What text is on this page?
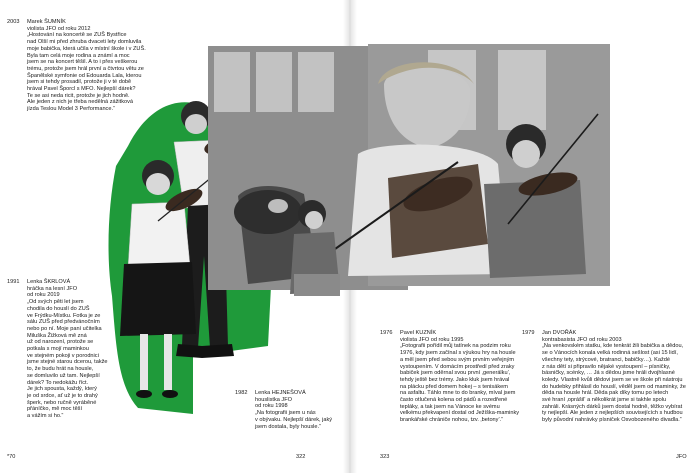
2003 Marek ŠUMNÍK
violista JFO od roku 2012

„Hostování na koncertě se ZUŠ Bystřice
nad Olší mi před zhruba dvaceti lety domluvila
moje babička, která učila v místní škole i v ZUŠ.
Byla tam celá moje rodina a známí a moc
jsem se na koncert těšil. A to i přes veškerou
trému, protože jsem hrál první a čtvrtou větu ze
Španělské symfonie od Edouarda Lala, kterou
jsem si tehdy prosadil, protože ji v té době
hrával Pavel Šporcl s MFO. Nejlepší dárek?
Te se asi neda ricit, protože je jich hodně.
Ale jeden z nich je třeba nedělná zážitková
jízda Teslou Model 3 Performance.“

1991 Lenka ŠKRLOVÁ
hráčka na lesní JFO
od roku 2019

„Od svých pěti let jsem
chodila do houslí do ZUŠ
ve Frýdku-Místku. Fotka je ze
sálu ZUŠ před předvánočním
nebo po ní. Moje paní učitelka
Miluška Žižková mě zná
už od narození, protože se
potkala s mojí maminkou
ve stejném pokoji v porodnici
jsme stejné starou dcerou, takže
to, že budu hrát na housle,
se domluvilo už tam. Nejlepší
dárek? To nedokážu říct.
Je jich spousta, každý, který
je od srdce, ať už je to drahý
šperk, nebo ručně vyráběné
přáníčko, mě moc těší
a vážím si ho.“

1982 Lenka HEJNEŠOVÁ
houslistka JFO
od roku 1998

„Na fotografii jsem u nás
v obývaku. Nejlepší dárek, jaký
jsem dostala, byly housle.“

1976 Pavel KUZNÍK
violista JFO od roku 1995

„Fotografii pořídil můj tatínek na podzim roku
1976, kdy jsem začínal s výukou hry na housle
a měl jsem před sebou svým prvním veřejným
vystoupením. V domácím prostředí před zraky
babiček jsem oděrnal svou první ‚generálku‘,
tehdy ještě bez trémy. Jako kluk jsem hrával
na plácku před domem hokej – s tenisákem
na asfaltu. Táhlo mne to do branky, míval jsem
často otlučená kolena od pádů a rozedřené
tepláky, a tak jsem na Vánoce ke svému
velkému překvapení dostal od Ježíška-maminky
brankářské chrániče nohou, tzv. ‚betony‘.“

1979 Jan DVOŘÁK
kontrabasista JFO od roku 2003

„Na venkovském statku, kde tenkrát žili babička a dědou,
se o Vánocích konala velká rodinná sešlost (asi 15 lidí,
všechny tety, strýcové, bratranci, babičky…). Každé
z nás dětí si připravilo nějaké vystoupení – písničky,
básničky, scénky, … Já s dědou jsme hráli dvojhlasné
koledy. Vlastně kvůli dědovi jsem se ve škole při nástroju
do hudebky přihlásil do houslí, věděl jsem od maminky, že
děda na housle hrál. Děda pak díky tomu po letech
své hraní ‚oprášil‘ a několikrát jsme si takhle spolu
zahráli. Krásných dárků jsem dostal hodně, těžko vybírat
ty nejlepší. Ale jeden z nejlepších souvisejících s hudbou
byly původní nahrávky písniček Osvobozeného divadla.“

*70	322	323	JFO
